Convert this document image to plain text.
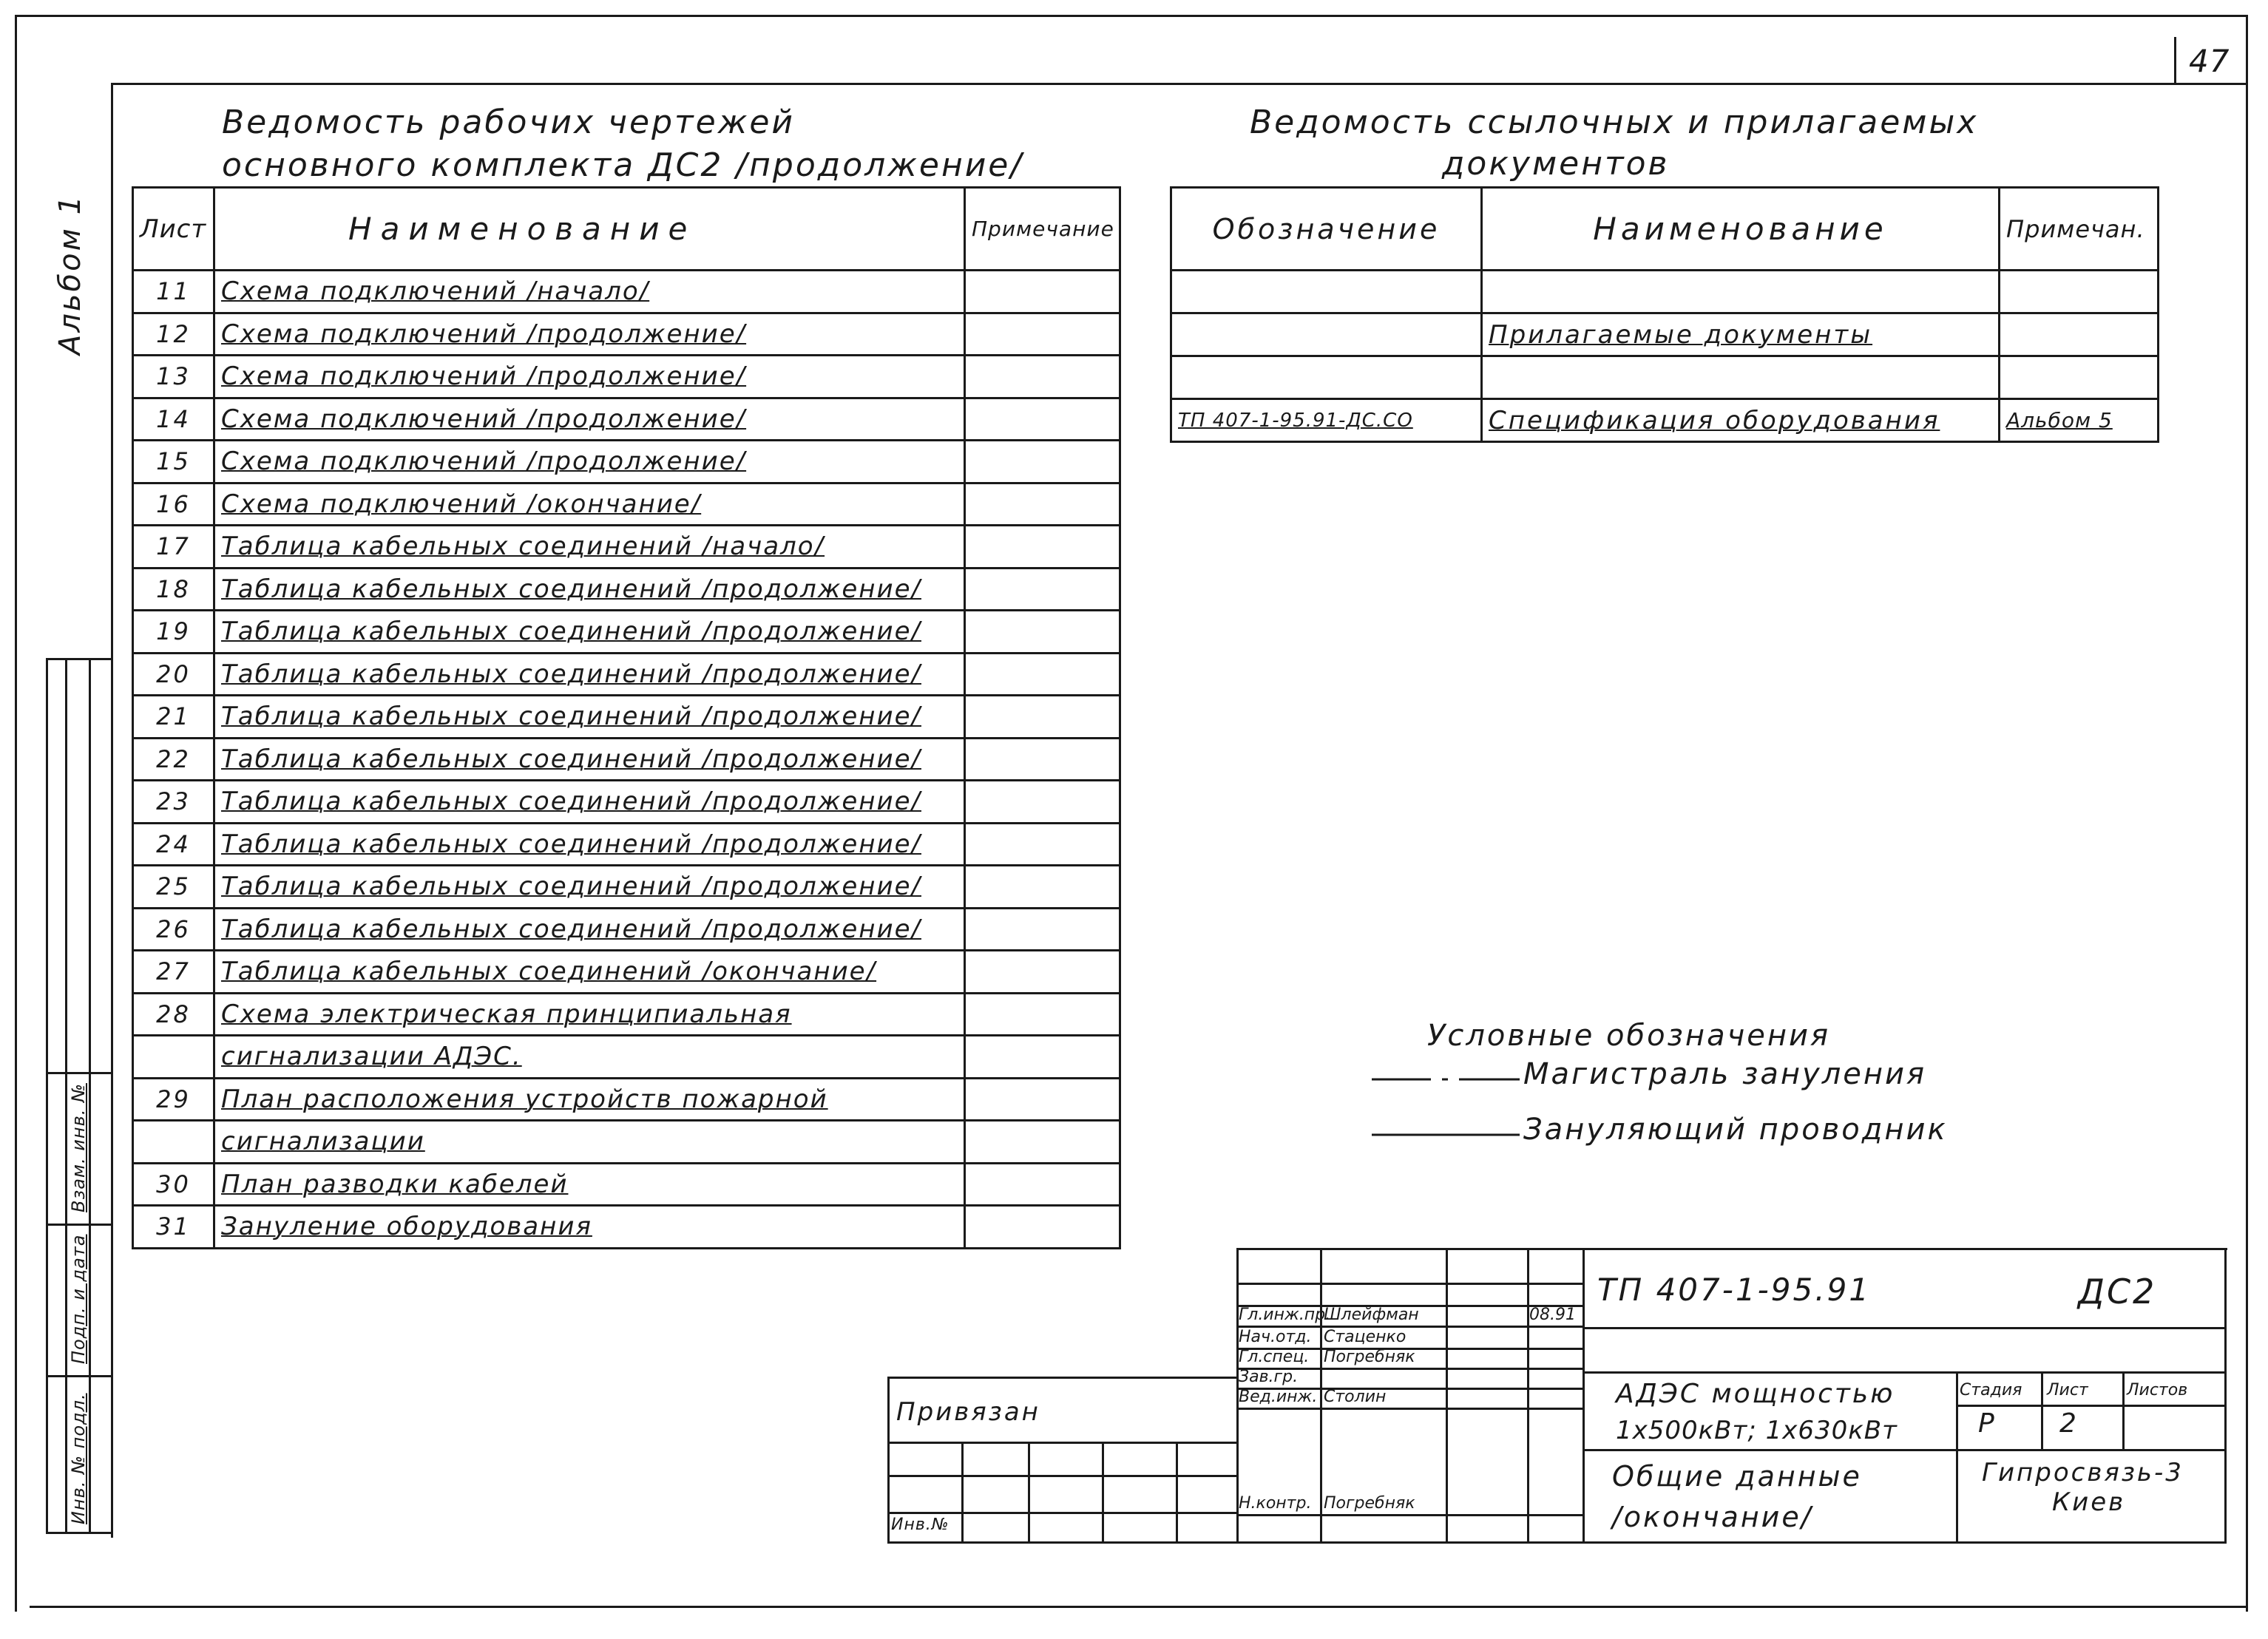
47
Альбом 1
Взам. инв. №
Подп. и дата
Инв. № подл.
Ведомость рабочих чертежей
основного комплекта ДС2 /продолжение/
Лист	Наименование	Примечание
11	Схема подключений /начало/	
12	Схема подключений /продолжение/	
13	Схема подключений /продолжение/	
14	Схема подключений /продолжение/	
15	Схема подключений /продолжение/	
16	Схема подключений /окончание/	
17	Таблица кабельных соединений /начало/	
18	Таблица кабельных соединений /продолжение/	
19	Таблица кабельных соединений /продолжение/	
20	Таблица кабельных соединений /продолжение/	
21	Таблица кабельных соединений /продолжение/	
22	Таблица кабельных соединений /продолжение/	
23	Таблица кабельных соединений /продолжение/	
24	Таблица кабельных соединений /продолжение/	
25	Таблица кабельных соединений /продолжение/	
26	Таблица кабельных соединений /продолжение/	
27	Таблица кабельных соединений /окончание/	
28	Схема электрическая принципиальная	
	сигнализации АДЭС.	
29	План расположения устройств пожарной	
	сигнализации	
30	План разводки кабелей	
31	Зануление оборудования	
Ведомость ссылочных и прилагаемых
документов
Обозначение	Наименование	Примечан.

	Прилагаемые документы	

ТП 407-1-95.91-ДС.СО	Спецификация оборудования	Альбом 5
Условные обозначения
Магистраль зануления
Зануляющий проводник
Привязан
Инв.№
Гл.инж.пр.
Шлейфман	08.91
Нач.отд. Стаценко
Гл.спец. Погребняк
Зав.гр.
Вед.инж. Столин
Н.контр. Погребняк
ТП 407-1-95.91	ДС2
АДЭС мощностью
1х500кВт; 1х630кВт
Общие данные
/окончание/
Стадия Лист Листов
Р 2
Гипросвязь-3
Киев
